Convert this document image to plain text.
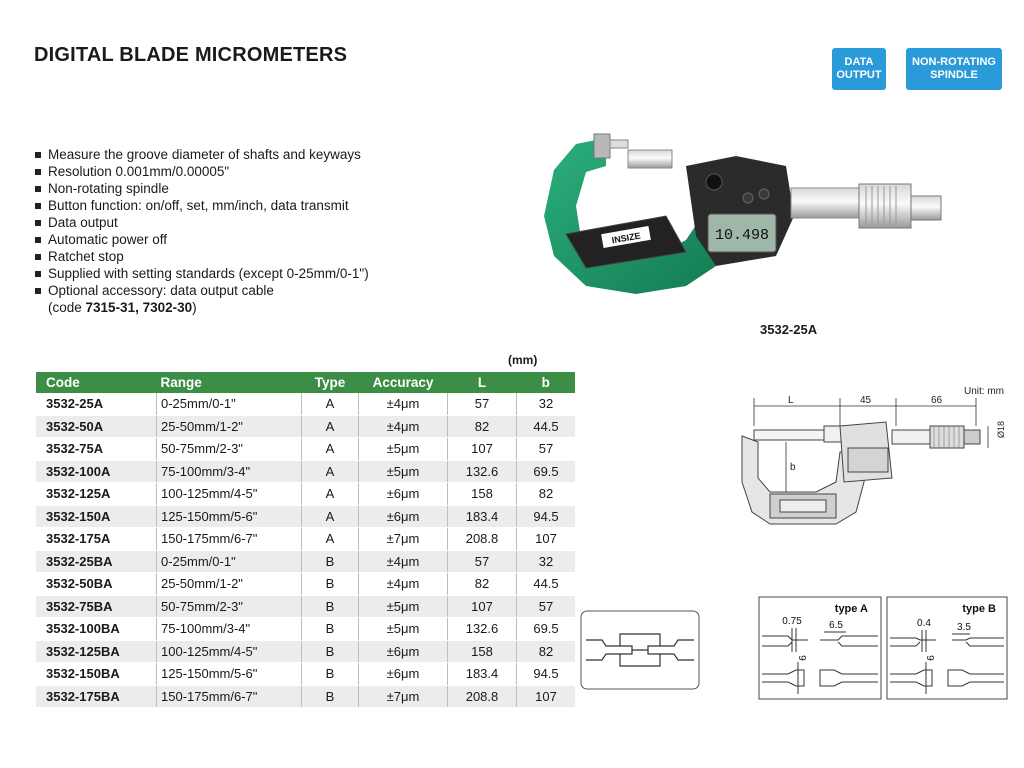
DIGITAL BLADE MICROMETERS	DATA
OUTPUT
NON-ROTATING
SPINDLE
Measure the groove diameter of shafts and keyways
Resolution 0.001mm/0.00005"
Non-rotating spindle
Button function: on/off, set, mm/inch, data transmit
Data output
Automatic power off
Ratchet stop
Supplied with setting standards (except 0-25mm/0-1")
Optional accessory: data output cable
(code 7315-31, 7302-30)
10.498
INSIZE
3532-25A
(mm)
Code	Range	Type	Accuracy	L	b
3532-25A	0-25mm/0-1"	A	±4μm	57	32
3532-50A	25-50mm/1-2"	A	±4μm	82	44.5
3532-75A	50-75mm/2-3"	A	±5μm	107	57
3532-100A	75-100mm/3-4"	A	±5μm	132.6	69.5
3532-125A	100-125mm/4-5"	A	±6μm	158	82
3532-150A	125-150mm/5-6"	A	±6μm	183.4	94.5
3532-175A	150-175mm/6-7"	A	±7μm	208.8	107
3532-25BA	0-25mm/0-1"	B	±4μm	57	32
3532-50BA	25-50mm/1-2"	B	±4μm	82	44.5
3532-75BA	50-75mm/2-3"	B	±5μm	107	57
3532-100BA	75-100mm/3-4"	B	±5μm	132.6	69.5
3532-125BA	100-125mm/4-5"	B	±6μm	158	82
3532-150BA	125-150mm/5-6"	B	±6μm	183.4	94.5
3532-175BA	150-175mm/6-7"	B	±7μm	208.8	107
Unit: mm
L	45	66
b
Ø18
type A
0.75	6.5
6
type B
0.4	3.5
6
